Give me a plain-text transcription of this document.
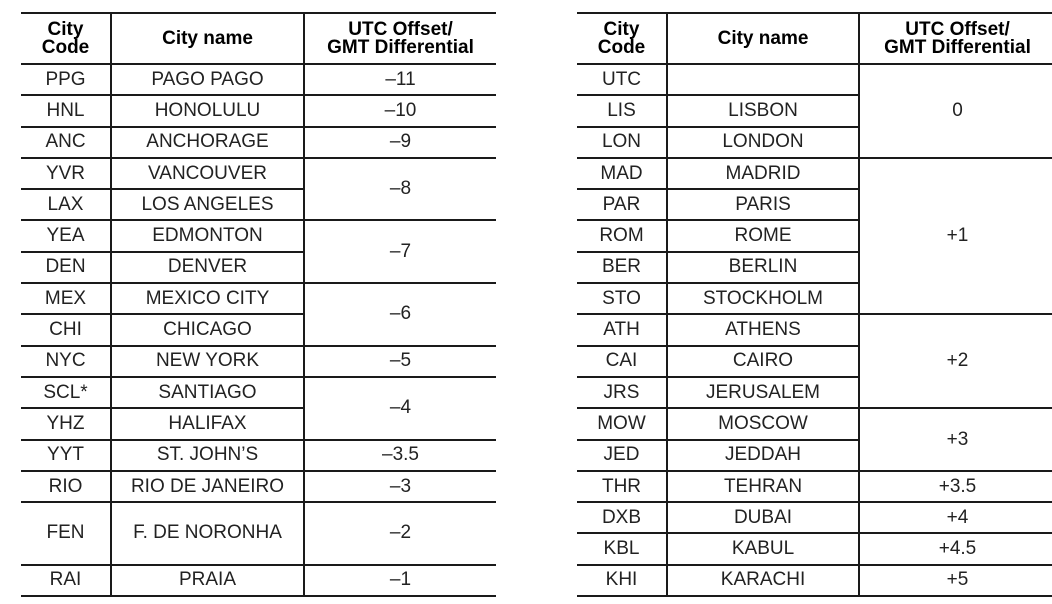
City
Code	City name	UTC Offset/
GMT Differential
PPG	PAGO PAGO	–11
HNL	HONOLULU	–10
ANC	ANCHORAGE	–9
YVR	VANCOUVER	–8
LAX	LOS ANGELES	
YEA	EDMONTON	–7
DEN	DENVER	
MEX	MEXICO CITY	–6
CHI	CHICAGO	
NYC	NEW YORK	–5
SCL*	SANTIAGO	–4
YHZ	HALIFAX	
YYT	ST. JOHN’S	–3.5
RIO	RIO DE JANEIRO	–3
FEN	F. DE NORONHA	–2
RAI	PRAIA	–1
City
Code	City name	UTC Offset/
GMT Differential
UTC		0
LIS	LISBON	
LON	LONDON	
MAD	MADRID	+1
PAR	PARIS	
ROM	ROME	
BER	BERLIN	
STO	STOCKHOLM	
ATH	ATHENS	+2
CAI	CAIRO	
JRS	JERUSALEM	
MOW	MOSCOW	+3
JED	JEDDAH	
THR	TEHRAN	+3.5
DXB	DUBAI	+4
KBL	KABUL	+4.5
KHI	KARACHI	+5
